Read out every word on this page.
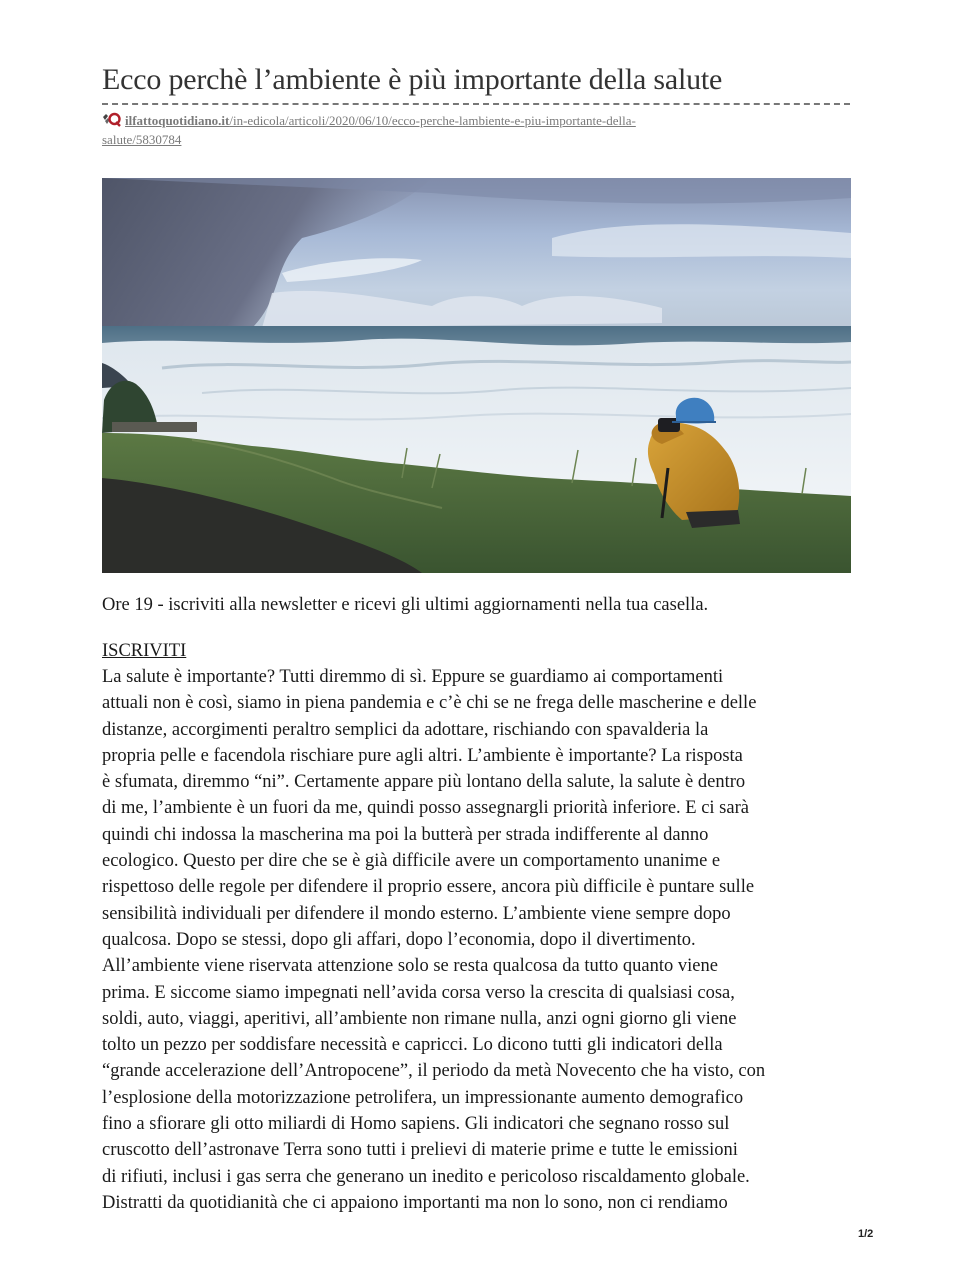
Ecco perchè l’ambiente è più importante della salute
ilfattoquotidiano.it/in-edicola/articoli/2020/06/10/ecco-perche-lambiente-e-piu-importante-della-
salute/5830784

Ore 19 - iscriviti alla newsletter e ricevi gli ultimi aggiornamenti nella tua casella.

ISCRIVITI
La salute è importante? Tutti diremmo di sì. Eppure se guardiamo ai comportamenti
attuali non è così, siamo in piena pandemia e c’è chi se ne frega delle mascherine e delle
distanze, accorgimenti peraltro semplici da adottare, rischiando con spavalderia la
propria pelle e facendola rischiare pure agli altri. L’ambiente è importante? La risposta
è sfumata, diremmo “ni”. Certamente appare più lontano della salute, la salute è dentro
di me, l’ambiente è un fuori da me, quindi posso assegnargli priorità inferiore. E ci sarà
quindi chi indossa la mascherina ma poi la butterà per strada indifferente al danno
ecologico. Questo per dire che se è già difficile avere un comportamento unanime e
rispettoso delle regole per difendere il proprio essere, ancora più difficile è puntare sulle
sensibilità individuali per difendere il mondo esterno. L’ambiente viene sempre dopo
qualcosa. Dopo se stessi, dopo gli affari, dopo l’economia, dopo il divertimento.
All’ambiente viene riservata attenzione solo se resta qualcosa da tutto quanto viene
prima. E siccome siamo impegnati nell’avida corsa verso la crescita di qualsiasi cosa,
soldi, auto, viaggi, aperitivi, all’ambiente non rimane nulla, anzi ogni giorno gli viene
tolto un pezzo per soddisfare necessità e capricci. Lo dicono tutti gli indicatori della
“grande accelerazione dell’Antropocene”, il periodo da metà Novecento che ha visto, con
l’esplosione della motorizzazione petrolifera, un impressionante aumento demografico
fino a sfiorare gli otto miliardi di Homo sapiens. Gli indicatori che segnano rosso sul
cruscotto dell’astronave Terra sono tutti i prelievi di materie prime e tutte le emissioni
di rifiuti, inclusi i gas serra che generano un inedito e pericoloso riscaldamento globale.
Distratti da quotidianità che ci appaiono importanti ma non lo sono, non ci rendiamo
1/2
